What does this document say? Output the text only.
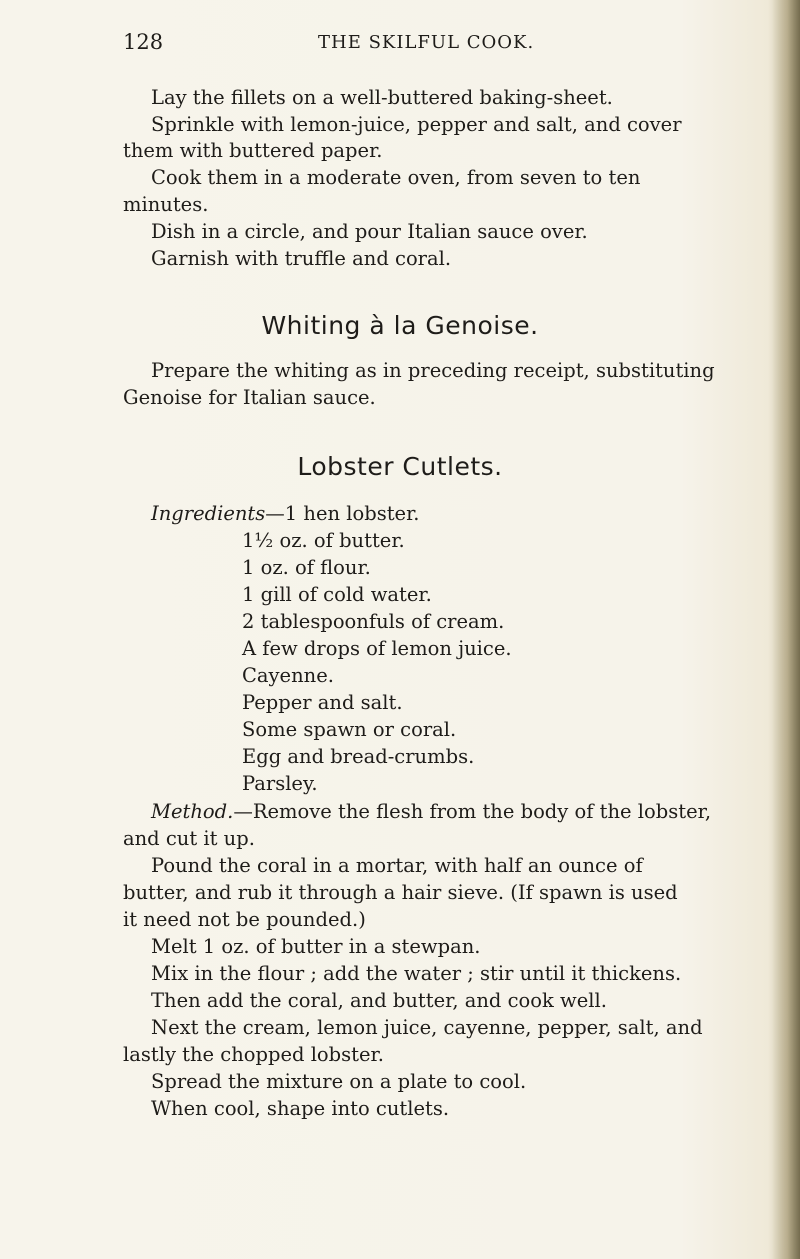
128	THE SKILFUL COOK.
Lay the fillets on a well-buttered baking-sheet.
Sprinkle with lemon-juice, pepper and salt, and cover
them with buttered paper.
Cook them in a moderate oven, from seven to ten
minutes.
Dish in a circle, and pour Italian sauce over.
Garnish with truffle and coral.
Whiting à la Genoise.
Prepare the whiting as in preceding receipt, substituting
Genoise for Italian sauce.
Lobster Cutlets.
Ingredients—1 hen lobster.
1½ oz. of butter.
1 oz. of flour.
1 gill of cold water.
2 tablespoonfuls of cream.
A few drops of lemon juice.
Cayenne.
Pepper and salt.
Some spawn or coral.
Egg and bread-crumbs.
Parsley.
Method.—Remove the flesh from the body of the lobster,
and cut it up.
Pound the coral in a mortar, with half an ounce of
butter, and rub it through a hair sieve. (If spawn is used
it need not be pounded.)
Melt 1 oz. of butter in a stewpan.
Mix in the flour ; add the water ; stir until it thickens.
Then add the coral, and butter, and cook well.
Next the cream, lemon juice, cayenne, pepper, salt, and
lastly the chopped lobster.
Spread the mixture on a plate to cool.
When cool, shape into cutlets.
